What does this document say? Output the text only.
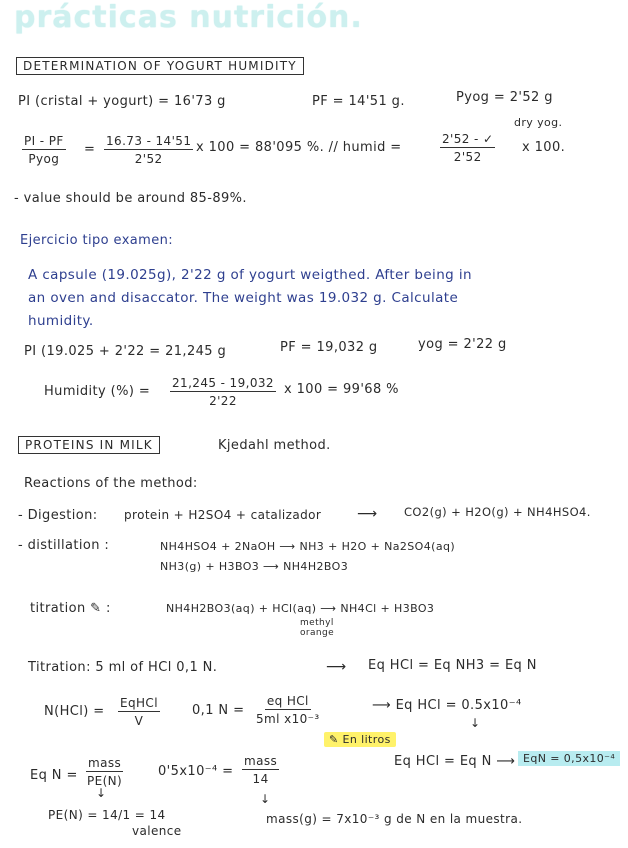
prácticas nutrición.
DETERMINATION OF YOGURT HUMIDITY
PI (cristal + yogurt) = 16'73 g	PF = 14'51 g.	Pyog = 2'52 g
PI - PF
Pyog
= $\frac{16.73 - 14'51}{2'52}$ x 100 = 88'095 %. // humid =
dry yog.
$\frac{2'52 - ✓}{2'52}$ x 100.
- value should be around 85-89%.
Ejercicio tipo examen:
A capsule (19.025g), 2'22 g of yogurt weigthed. After being in
an oven and disaccator. The weight was 19.032 g. Calculate
humidity.
PI (19.025 + 2'22 = 21,245 g	PF = 19,032 g	yog = 2'22 g
Humidity (%) = $\frac{21,245 - 19,032}{2'22}$ x 100 = 99'68 %
PROTEINS IN MILK	Kjedahl method.
Reactions of the method:
- Digestion: protein + H2SO4 + catalizador	⟶ CO2(g) + H2O(g) + NH4HSO4.
- distillation :	NH4HSO4 + 2NaOH ⟶ NH3 + H2O + Na2SO4(aq)
NH3(g) + H3BO3 ⟶ NH4H2BO3
titration ✎ :	NH4H2BO3(aq) + HCl(aq) ⟶ NH4Cl + H3BO3
methyl orange
Titration: 5 ml of HCl 0,1 N.	⟶ Eq HCl = Eq NH3 = Eq N
N(HCl) =
EqHCl
V
0,1 N =
eq HCl
5ml x10⁻³
⟶ Eq HCl = 0.5x10⁻⁴
↓
✎ En litros
Eq N =
mass
PE(N)
0'5x10⁻⁴ =
mass
14
Eq HCl = Eq N ⟶ EqN = 0,5x10⁻⁴
↓	↓
PE(N) = 14/1 = 14
valence
mass(g) = 7x10⁻³ g de N en la muestra.
